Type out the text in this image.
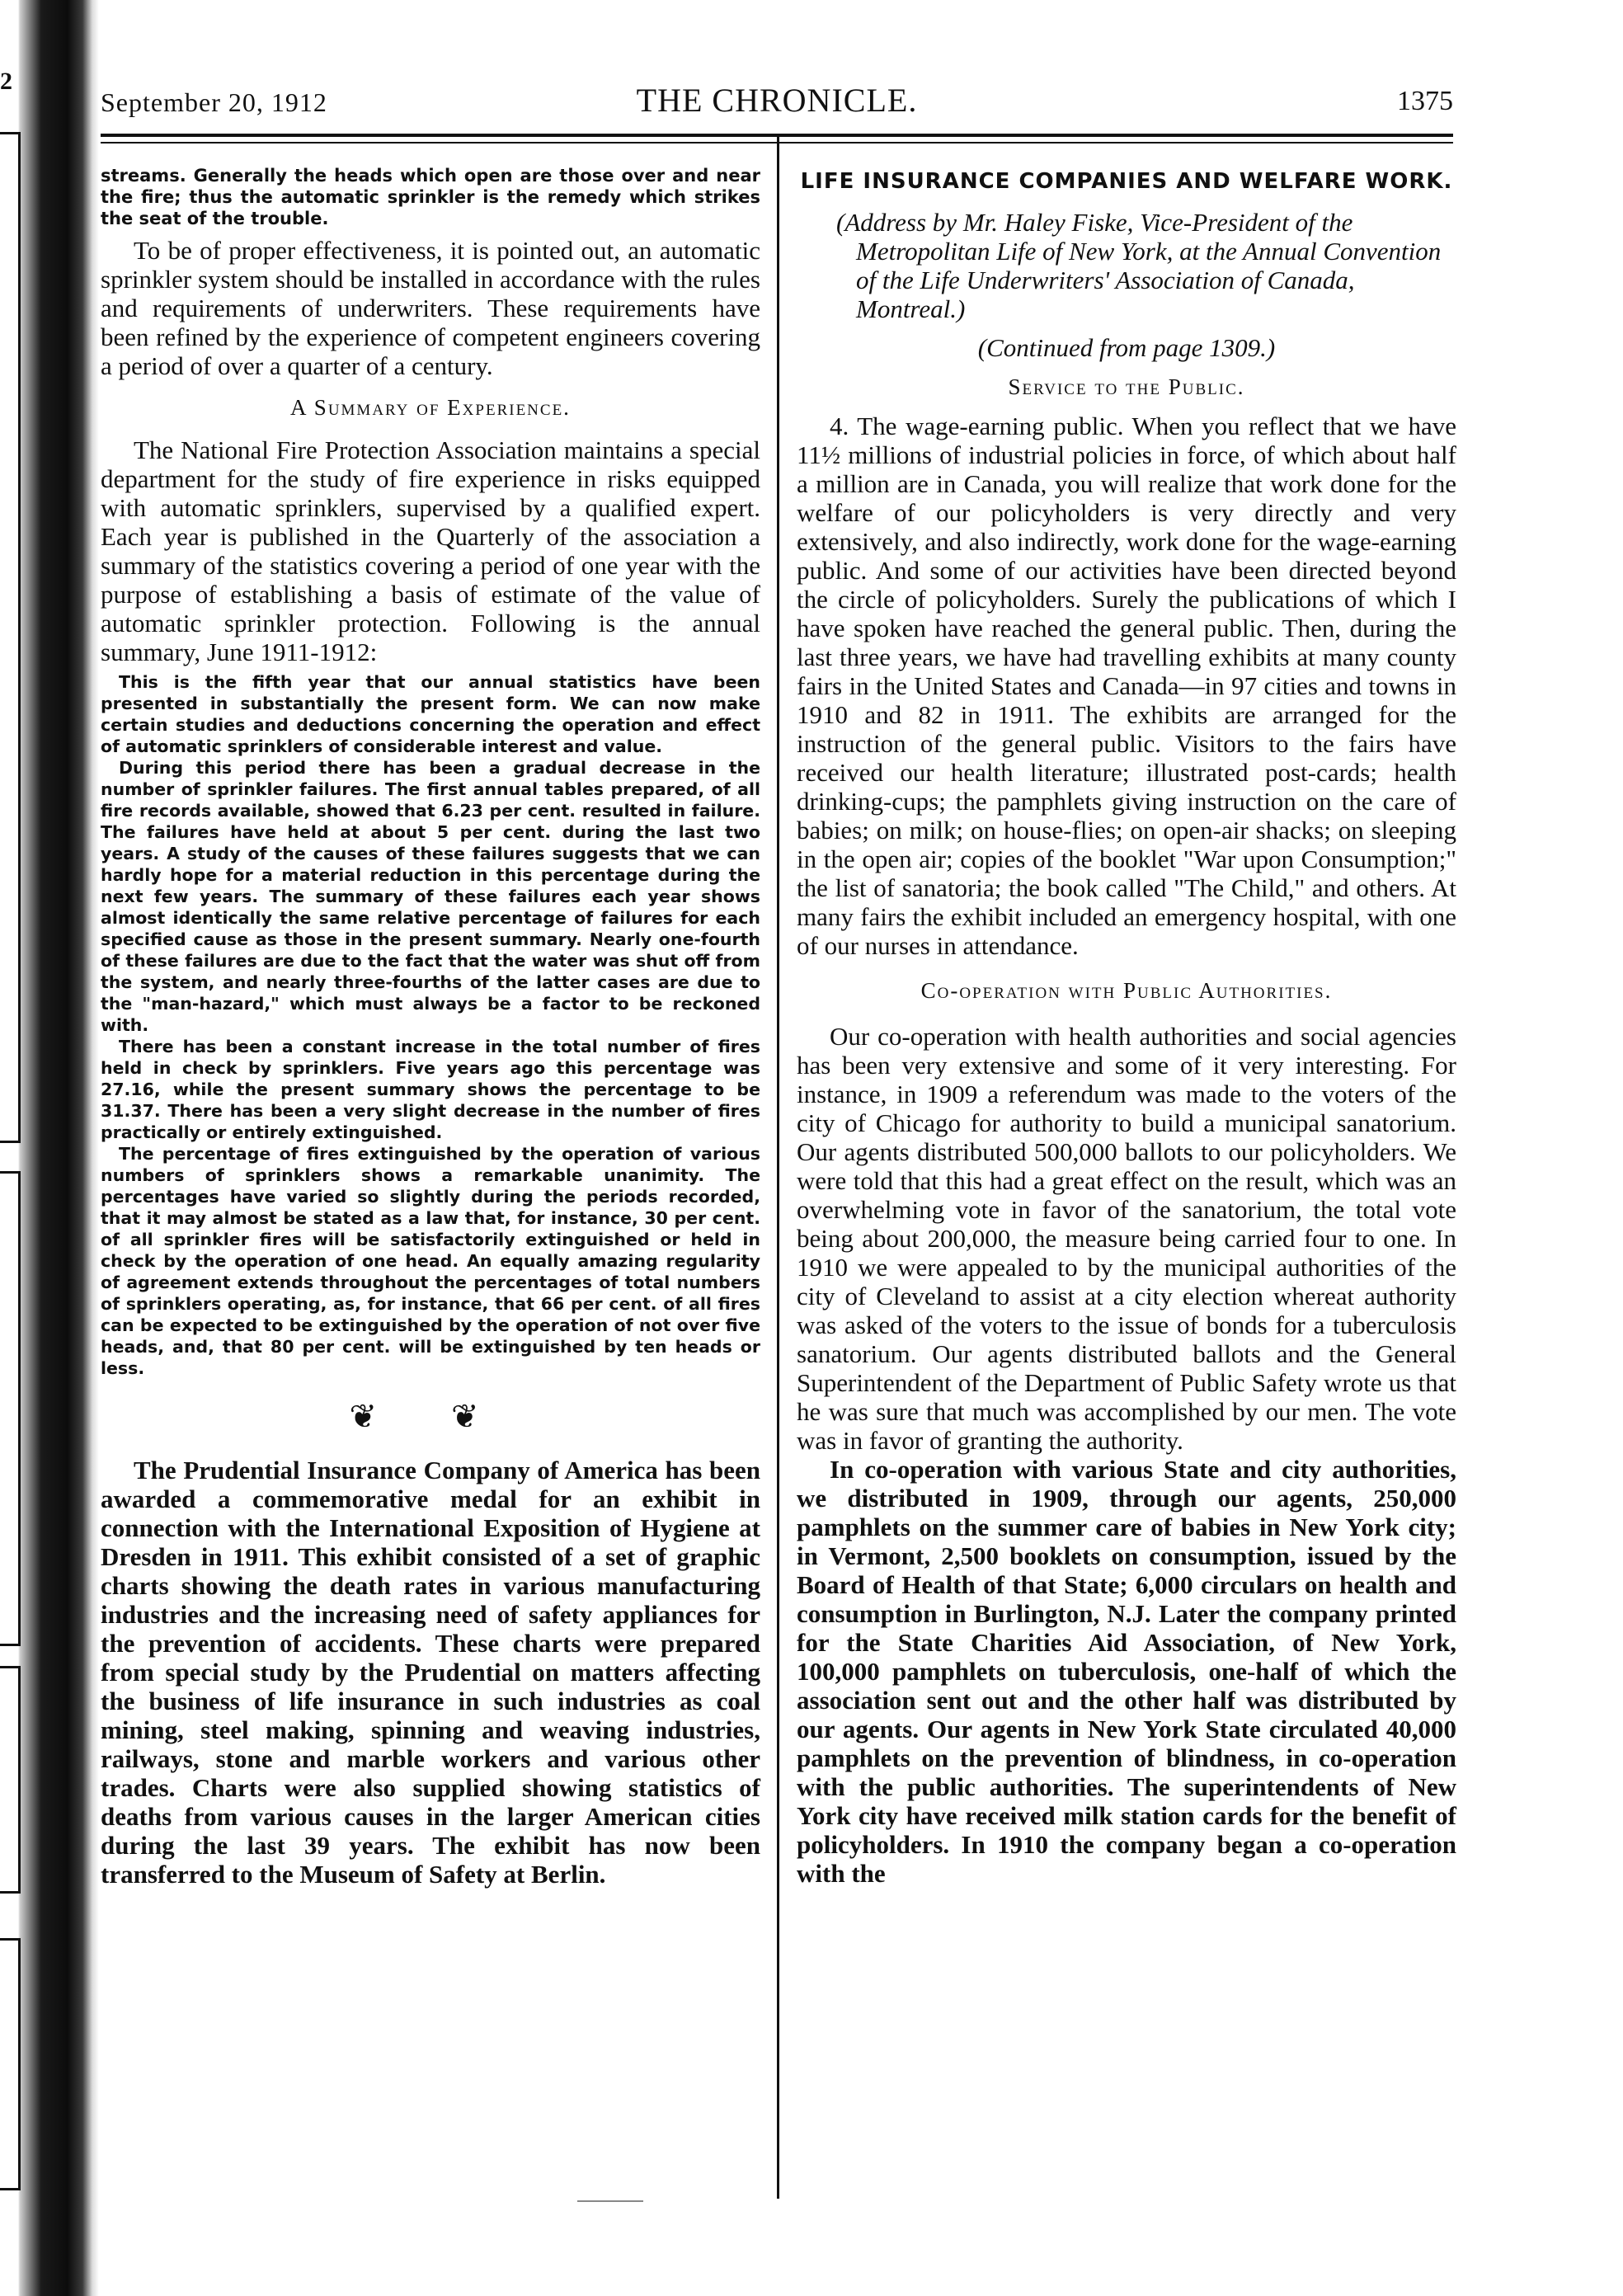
2
September 20, 1912	THE CHRONICLE.	1375

streams. Generally the heads which open are those over and near the fire; thus the automatic sprinkler is the remedy which strikes the seat of the trouble.

To be of proper effectiveness, it is pointed out, an automatic sprinkler system should be installed in accordance with the rules and requirements of underwriters. These requirements have been refined by the experience of competent engineers covering a period of over a quarter of a century.

A Summary of Experience.

The National Fire Protection Association maintains a special department for the study of fire experience in risks equipped with automatic sprinklers, supervised by a qualified expert. Each year is published in the Quarterly of the association a summary of the statistics covering a period of one year with the purpose of establishing a basis of estimate of the value of automatic sprinkler protection. Following is the annual summary, June 1911-1912:

This is the fifth year that our annual statistics have been presented in substantially the present form. We can now make certain studies and deductions concerning the operation and effect of automatic sprinklers of considerable interest and value.

During this period there has been a gradual decrease in the number of sprinkler failures. The first annual tables prepared, of all fire records available, showed that 6.23 per cent. resulted in failure. The failures have held at about 5 per cent. during the last two years. A study of the causes of these failures suggests that we can hardly hope for a material reduction in this percentage during the next few years. The summary of these failures each year shows almost identically the same relative percentage of failures for each specified cause as those in the present summary. Nearly one-fourth of these failures are due to the fact that the water was shut off from the system, and nearly three-fourths of the latter cases are due to the "man-hazard," which must always be a factor to be reckoned with.

There has been a constant increase in the total number of fires held in check by sprinklers. Five years ago this percentage was 27.16, while the present summary shows the percentage to be 31.37. There has been a very slight decrease in the number of fires practically or entirely extinguished.

The percentage of fires extinguished by the operation of various numbers of sprinklers shows a remarkable unanimity. The percentages have varied so slightly during the periods recorded, that it may almost be stated as a law that, for instance, 30 per cent. of all sprinkler fires will be satisfactorily extinguished or held in check by the operation of one head. An equally amazing regularity of agreement extends throughout the percentages of total numbers of sprinklers operating, as, for instance, that 66 per cent. of all fires can be expected to be extinguished by the operation of not over five heads, and, that 80 per cent. will be extinguished by ten heads or less.

❦ ❦

The Prudential Insurance Company of America has been awarded a commemorative medal for an exhibit in connection with the International Exposition of Hygiene at Dresden in 1911. This exhibit consisted of a set of graphic charts showing the death rates in various manufacturing industries and the increasing need of safety appliances for the prevention of accidents. These charts were prepared from special study by the Prudential on matters affecting the business of life insurance in such industries as coal mining, steel making, spinning and weaving industries, railways, stone and marble workers and various other trades. Charts were also supplied showing statistics of deaths from various causes in the larger American cities during the last 39 years. The exhibit has now been transferred to the Museum of Safety at Berlin.

LIFE INSURANCE COMPANIES AND WELFARE WORK.

(Address by Mr. Haley Fiske, Vice-President of the Metropolitan Life of New York, at the Annual Convention of the Life Underwriters' Association of Canada, Montreal.)

(Continued from page 1309.)

Service to the Public.

4. The wage-earning public. When you reflect that we have 11½ millions of industrial policies in force, of which about half a million are in Canada, you will realize that work done for the welfare of our policyholders is very directly and very extensively, and also indirectly, work done for the wage-earning public. And some of our activities have been directed beyond the circle of policyholders. Surely the publications of which I have spoken have reached the general public. Then, during the last three years, we have had travelling exhibits at many county fairs in the United States and Canada—in 97 cities and towns in 1910 and 82 in 1911. The exhibits are arranged for the instruction of the general public. Visitors to the fairs have received our health literature; illustrated post-cards; health drinking-cups; the pamphlets giving instruction on the care of babies; on milk; on house-flies; on open-air shacks; on sleeping in the open air; copies of the booklet "War upon Consumption;" the list of sanatoria; the book called "The Child," and others. At many fairs the exhibit included an emergency hospital, with one of our nurses in attendance.

Co-operation with Public Authorities.

Our co-operation with health authorities and social agencies has been very extensive and some of it very interesting. For instance, in 1909 a referendum was made to the voters of the city of Chicago for authority to build a municipal sanatorium. Our agents distributed 500,000 ballots to our policyholders. We were told that this had a great effect on the result, which was an overwhelming vote in favor of the sanatorium, the total vote being about 200,000, the measure being carried four to one. In 1910 we were appealed to by the municipal authorities of the city of Cleveland to assist at a city election whereat authority was asked of the voters to the issue of bonds for a tuberculosis sanatorium. Our agents distributed ballots and the General Superintendent of the Department of Public Safety wrote us that he was sure that much was accomplished by our men. The vote was in favor of granting the authority.

In co-operation with various State and city authorities, we distributed in 1909, through our agents, 250,000 pamphlets on the summer care of babies in New York city; in Vermont, 2,500 booklets on consumption, issued by the Board of Health of that State; 6,000 circulars on health and consumption in Burlington, N.J. Later the company printed for the State Charities Aid Association, of New York, 100,000 pamphlets on tuberculosis, one-half of which the association sent out and the other half was distributed by our agents. Our agents in New York State circulated 40,000 pamphlets on the prevention of blindness, in co-operation with the public authorities. The superintendents of New York city have received milk station cards for the benefit of policyholders. In 1910 the company began a co-operation with the
